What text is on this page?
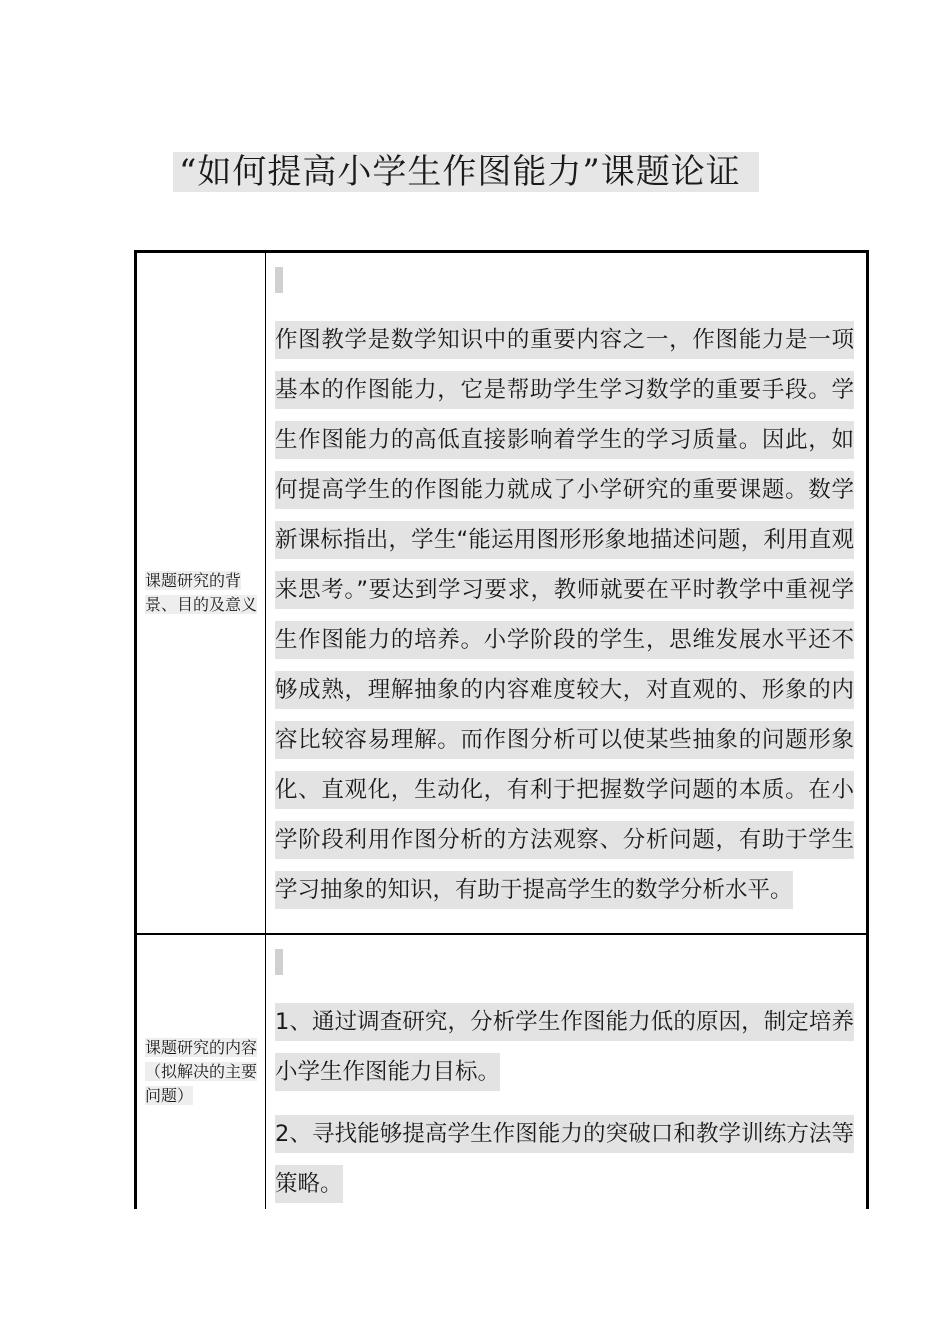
“如何提高小学生作图能力”课题论证
课题研究的背景、目的及意义	作图教学是数学知识中的重要内容之一，作图能力是一项基本的作图能力，它是帮助学生学习数学的重要手段。学生作图能力的高低直接影响着学生的学习质量。因此，如何提高学生的作图能力就成了小学研究的重要课题。数学新课标指出，学生“能运用图形形象地描述问题，利用直观来思考。”要达到学习要求，教师就要在平时教学中重视学生作图能力的培养。小学阶段的学生，思维发展水平还不够成熟，理解抽象的内容难度较大，对直观的、形象的内容比较容易理解。而作图分析可以使某些抽象的问题形象化、直观化，生动化，有利于把握数学问题的本质。在小学阶段利用作图分析的方法观察、分析问题，有助于学生学习抽象的知识，有助于提高学生的数学分析水平。

课题研究的内容（拟解决的主要问题）	1、通过调查研究，分析学生作图能力低的原因，制定培养小学生作图能力目标。

2、寻找能够提高学生作图能力的突破口和教学训练方法等策略。
